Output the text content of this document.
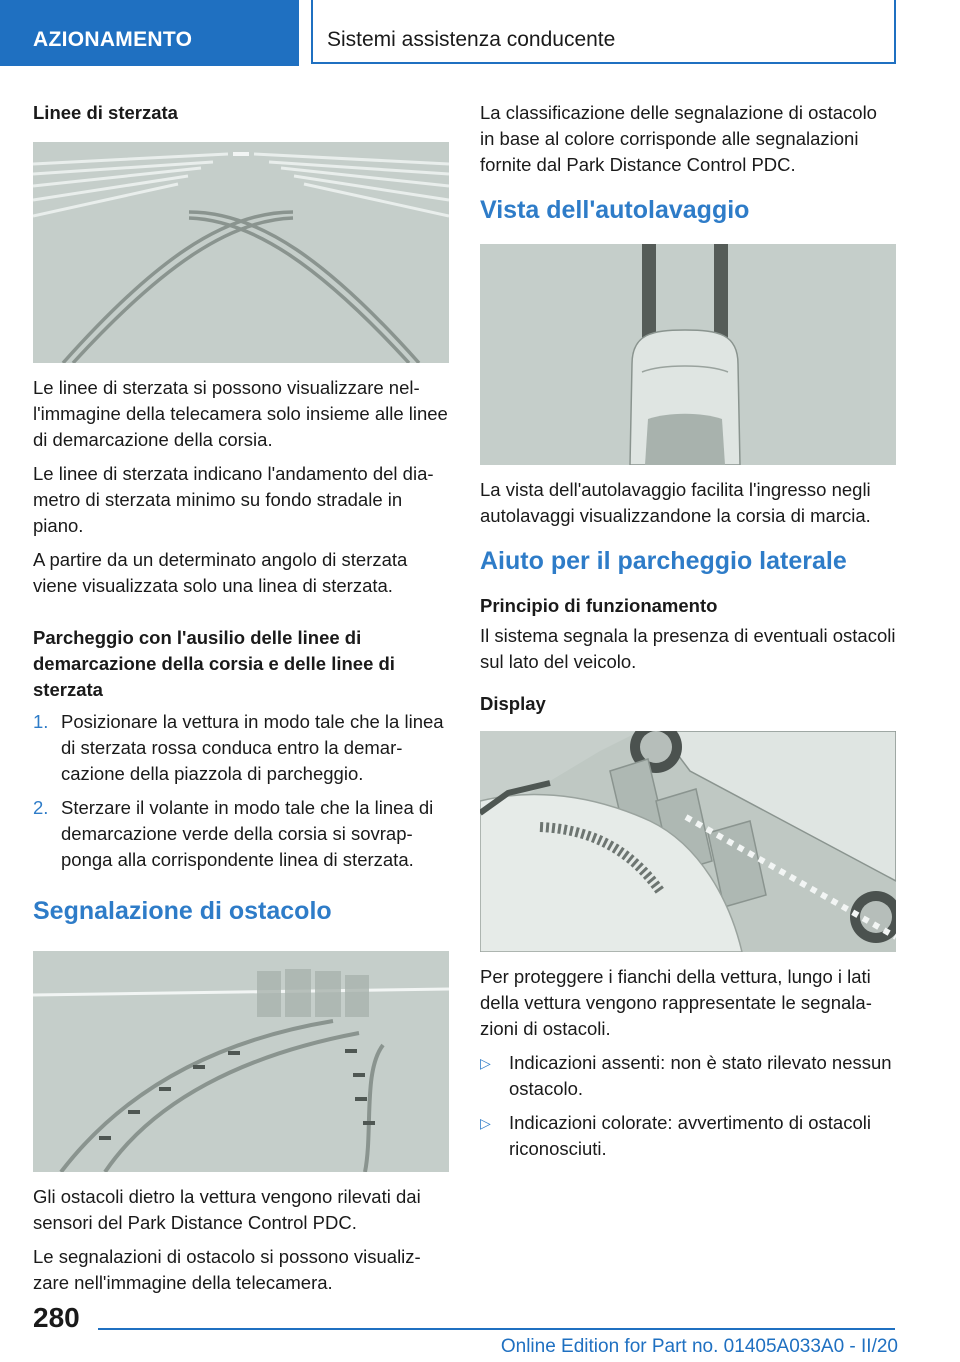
AZIONAMENTO	Sistemi assistenza conducente
Linee di sterzata

Le linee di sterzata si possono visualizzare nell'immagine della telecamera solo insieme alle linee di demarcazione della corsia.

Le linee di sterzata indicano l'andamento del diametro di sterzata minimo su fondo stradale in piano.

A partire da un determinato angolo di sterzata viene visualizzata solo una linea di sterzata.

Parcheggio con l'ausilio delle linee di demarcazione della corsia e delle linee di sterzata
1. Posizionare la vettura in modo tale che la linea di sterzata rossa conduca entro la demarcazione della piazzola di parcheggio.
2. Sterzare il volante in modo tale che la linea di demarcazione verde della corsia si sovrapponga alla corrispondente linea di sterzata.
Segnalazione di ostacolo

Gli ostacoli dietro la vettura vengono rilevati dai sensori del Park Distance Control PDC.

Le segnalazioni di ostacolo si possono visualizzare nell'immagine della telecamera.

La classificazione delle segnalazione di ostacolo in base al colore corrisponde alle segnalazioni fornite dal Park Distance Control PDC.

Vista dell'autolavaggio

La vista dell'autolavaggio facilita l'ingresso negli autolavaggi visualizzandone la corsia di marcia.

Aiuto per il parcheggio laterale
Principio di funzionamento

Il sistema segnala la presenza di eventuali ostacoli sul lato del veicolo.

Display

Per proteggere i fianchi della vettura, lungo i lati della vettura vengono rappresentate le segnalazioni di ostacoli.

▷ Indicazioni assenti: non è stato rilevato nessun ostacolo.
▷ Indicazioni colorate: avvertimento di ostacoli riconosciuti.
280
Online Edition for Part no. 01405A033A0 - II/20
